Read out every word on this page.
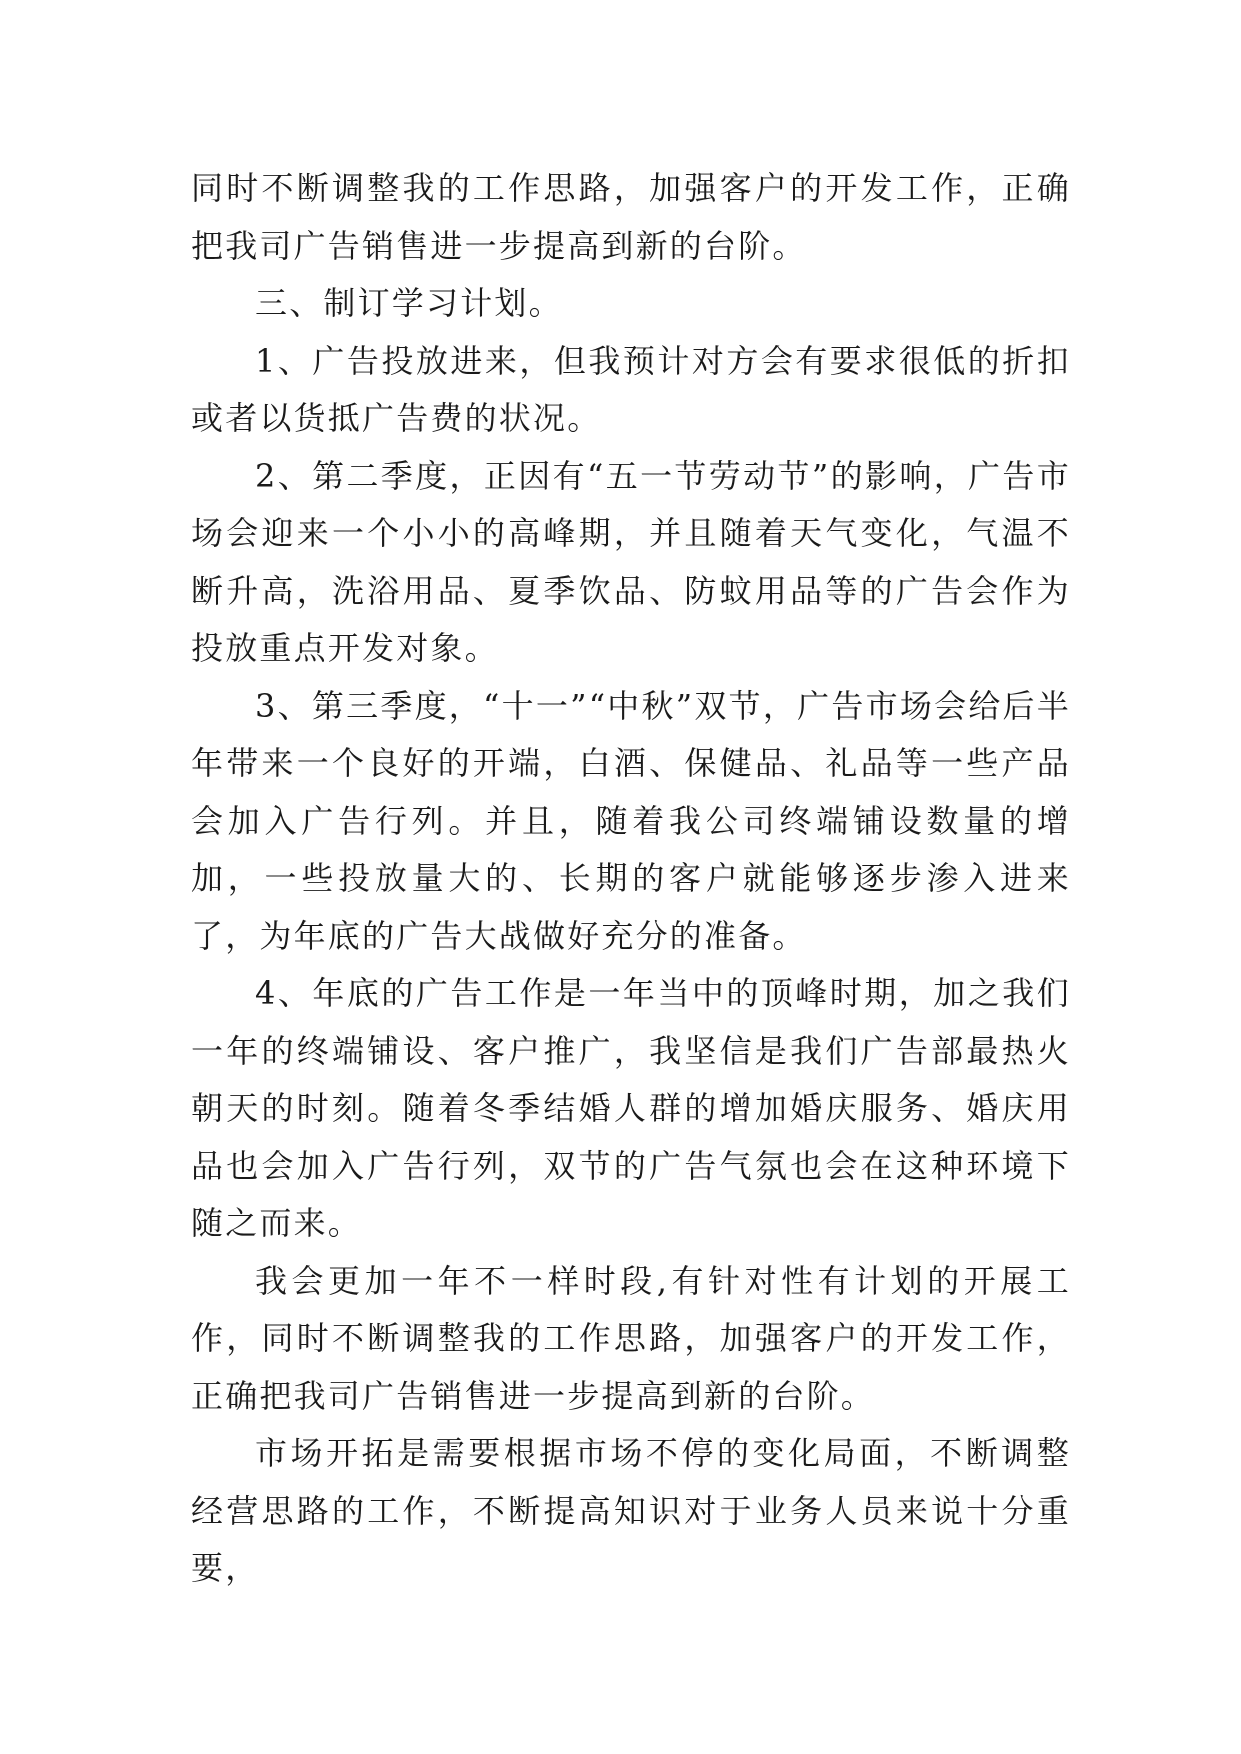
同时不断调整我的工作思路，加强客户的开发工作，正确把我司广告销售进一步提高到新的台阶。

三、制订学习计划。

1、广告投放进来，但我预计对方会有要求很低的折扣或者以货抵广告费的状况。

2、第二季度，正因有“五一节劳动节”的影响，广告市场会迎来一个小小的高峰期，并且随着天气变化，气温不断升高，洗浴用品、夏季饮品、防蚊用品等的广告会作为投放重点开发对象。

3、第三季度，“十一”“中秋”双节，广告市场会给后半年带来一个良好的开端，白酒、保健品、礼品等一些产品会加入广告行列。并且，随着我公司终端铺设数量的增加，一些投放量大的、长期的客户就能够逐步渗入进来了，为年底的广告大战做好充分的准备。

4、年底的广告工作是一年当中的顶峰时期，加之我们一年的终端铺设、客户推广，我坚信是我们广告部最热火朝天的时刻。随着冬季结婚人群的增加婚庆服务、婚庆用品也会加入广告行列，双节的广告气氛也会在这种环境下随之而来。

我会更加一年不一样时段,有针对性有计划的开展工作，同时不断调整我的工作思路，加强客户的开发工作，正确把我司广告销售进一步提高到新的台阶。

市场开拓是需要根据市场不停的变化局面，不断调整经营思路的工作，不断提高知识对于业务人员来说十分重要，
